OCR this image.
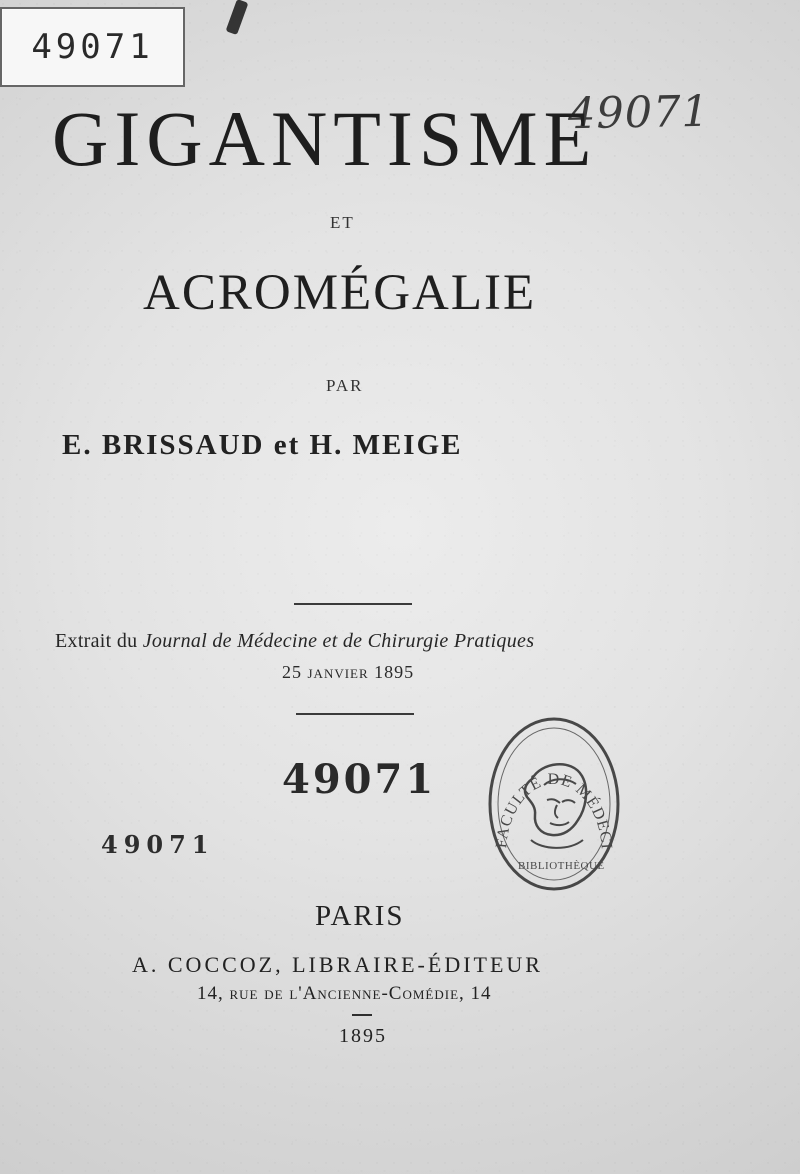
49071
49071
GIGANTISME
ET
ACROMÉGALIE
PAR
E. BRISSAUD et H. MEIGE
Extrait du Journal de Médecine et de Chirurgie Pratiques
25 janvier 1895
49071
49071	FACULTÉ DE MÉDECINE DE PARIS
BIBLIOTHÈQUE
PARIS
A. COCCOZ, LIBRAIRE-ÉDITEUR
14, rue de l'Ancienne-Comédie, 14
1895
